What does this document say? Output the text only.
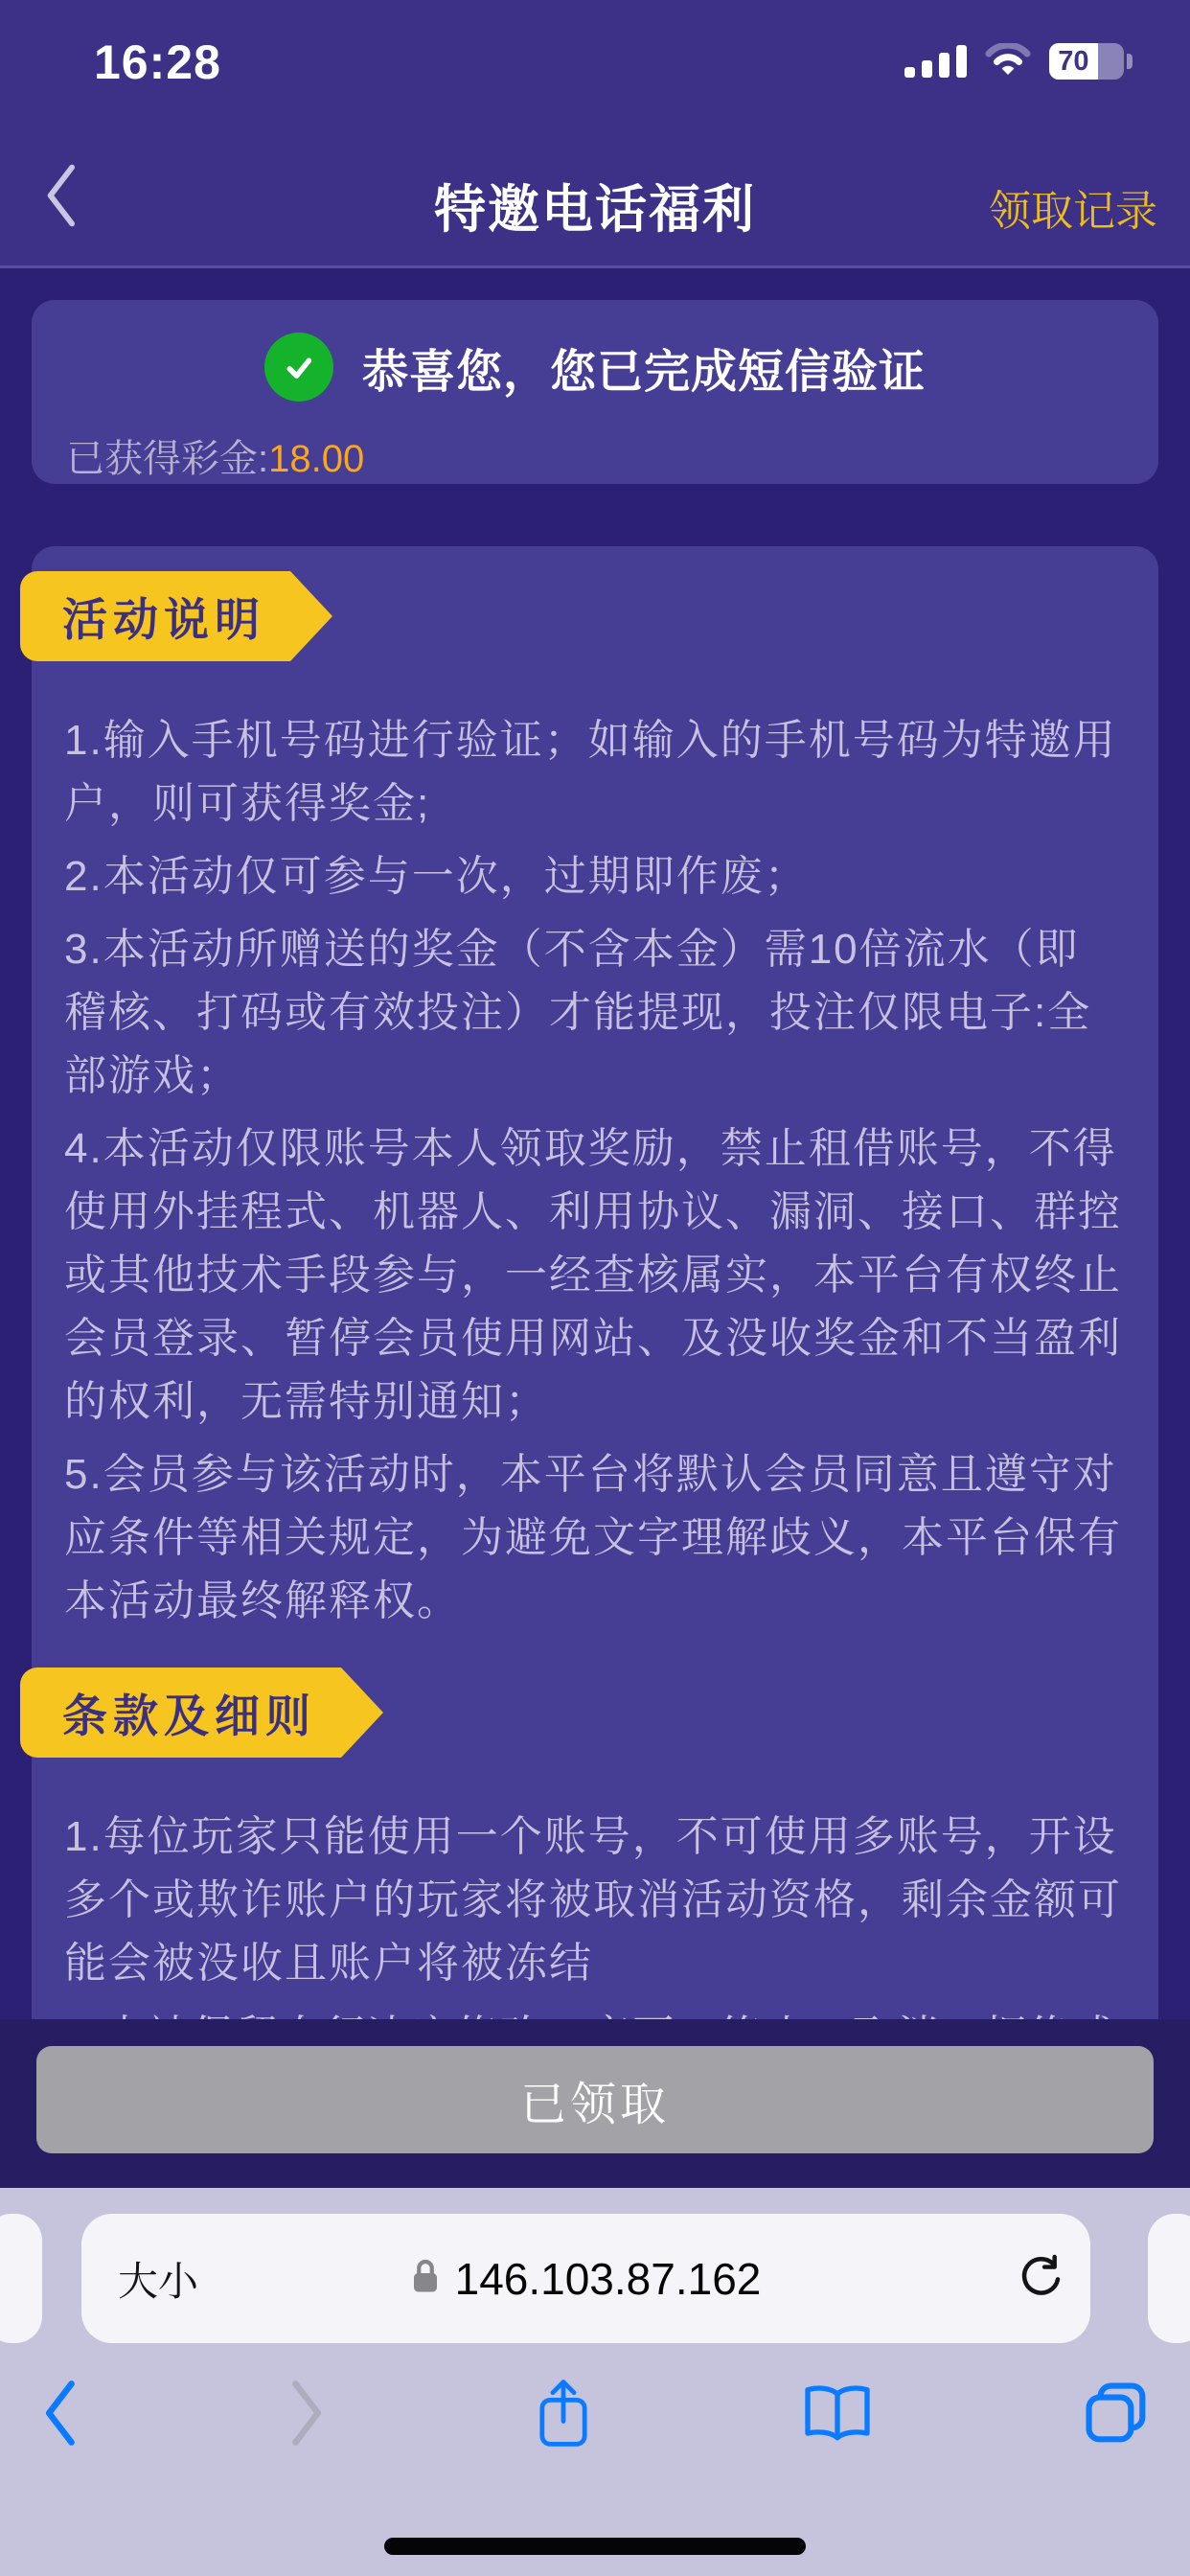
16:28	70
特邀电话福利	领取记录
恭喜您，您已完成短信验证
已获得彩金:18.00
活动说明

1.输入手机号码进行验证；如输入的手机号码为特邀用户，则可获得奖金;

2.本活动仅可参与一次，过期即作废；

3.本活动所赠送的奖金（不含本金）需10倍流水（即稽核、打码或有效投注）才能提现，投注仅限电子:全部游戏；

4.本活动仅限账号本人领取奖励，禁止租借账号，不得使用外挂程式、机器人、利用协议、漏洞、接口、群控或其他技术手段参与，一经查核属实，本平台有权终止会员登录、暂停会员使用网站、及没收奖金和不当盈利的权利，无需特别通知；

5.会员参与该活动时，本平台将默认会员同意且遵守对应条件等相关规定，为避免文字理解歧义，本平台保有本活动最终解释权。

条款及细则

1.每位玩家只能使用一个账号，不可使用多账号，开设多个或欺诈账户的玩家将被取消活动资格，剩余金额可能会被没收且账户将被冻结

已领取
大小	146.103.87.162
